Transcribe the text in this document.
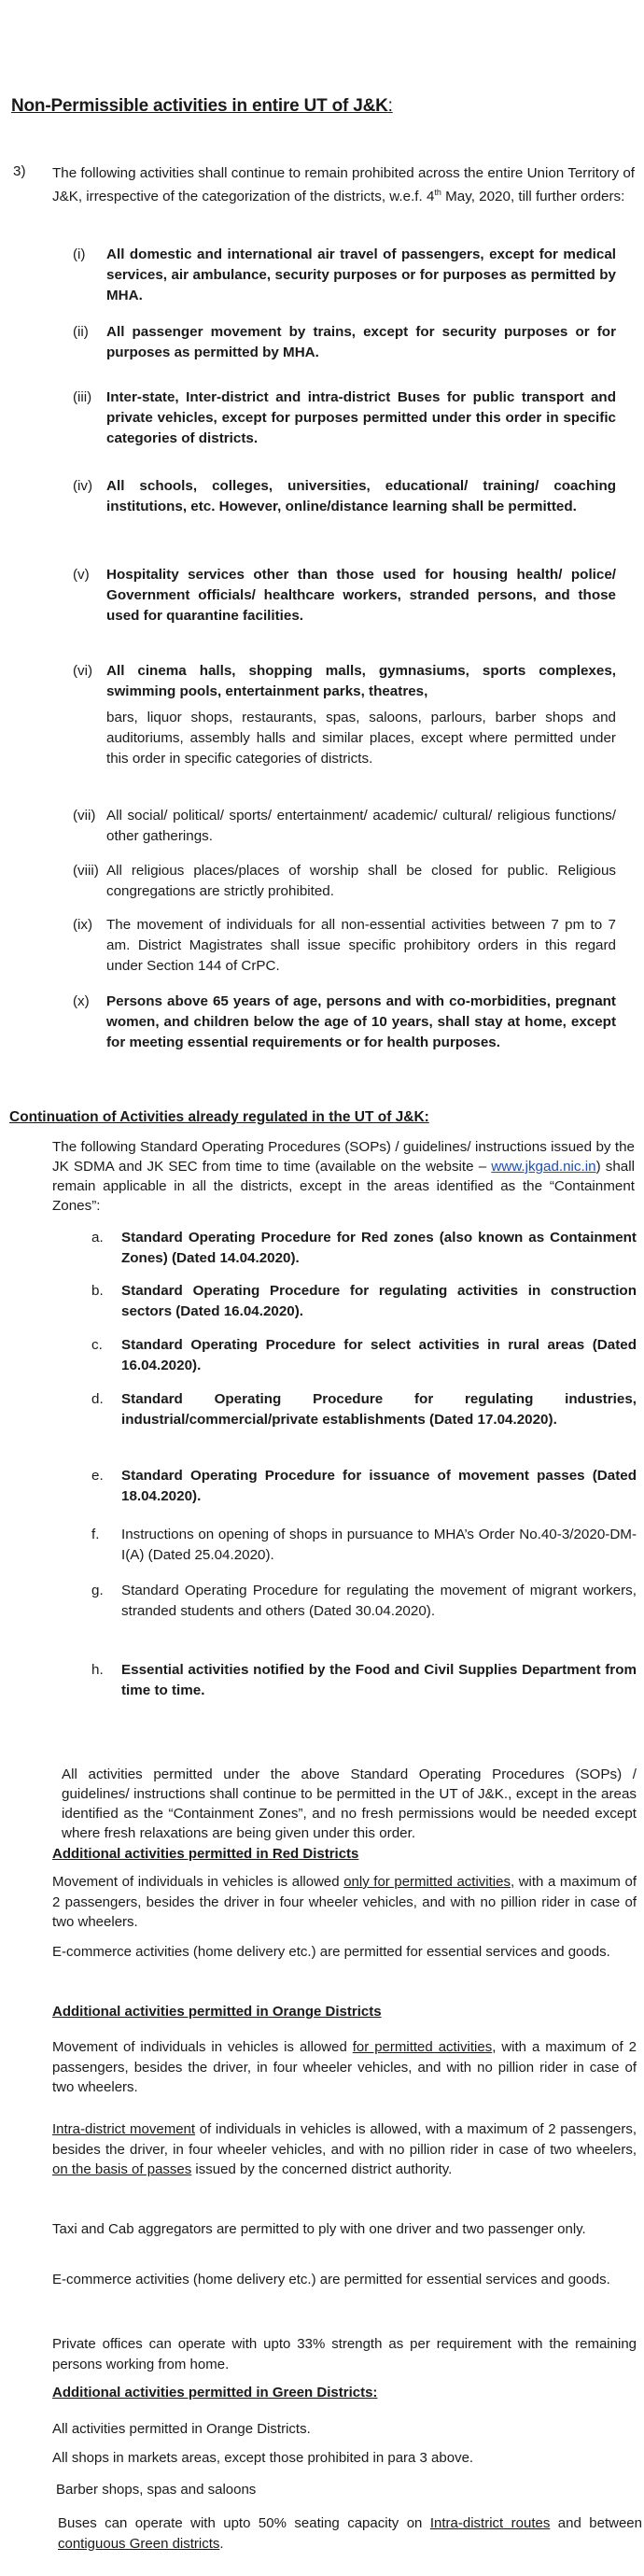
Non-Permissible activities in entire UT of J&K:
3) The following activities shall continue to remain prohibited across the entire Union Territory of J&K, irrespective of the categorization of the districts, w.e.f. 4th May, 2020, till further orders:
(i) All domestic and international air travel of passengers, except for medical services, air ambulance, security purposes or for purposes as permitted by MHA.
(ii) All passenger movement by trains, except for security purposes or for purposes as permitted by MHA.
(iii) Inter-state, Inter-district and intra-district Buses for public transport and private vehicles, except for purposes permitted under this order in specific categories of districts.
(iv) All schools, colleges, universities, educational/ training/ coaching institutions, etc. However, online/distance learning shall be permitted.
(v) Hospitality services other than those used for housing health/ police/ Government officials/ healthcare workers, stranded persons, and those used for quarantine facilities.
(vi) All cinema halls, shopping malls, gymnasiums, sports complexes, swimming pools, entertainment parks, theatres,
bars, liquor shops, restaurants, spas, saloons, parlours, barber shops and auditoriums, assembly halls and similar places, except where permitted under this order in specific categories of districts.
(vii) All social/ political/ sports/ entertainment/ academic/ cultural/ religious functions/ other gatherings.
(viii) All religious places/places of worship shall be closed for public. Religious congregations are strictly prohibited.
(ix) The movement of individuals for all non-essential activities between 7 pm to 7 am. District Magistrates shall issue specific prohibitory orders in this regard under Section 144 of CrPC.
(x) Persons above 65 years of age, persons and with co-morbidities, pregnant women, and children below the age of 10 years, shall stay at home, except for meeting essential requirements or for health purposes.
Continuation of Activities already regulated in the UT of J&K:
The following Standard Operating Procedures (SOPs) / guidelines/ instructions issued by the JK SDMA and JK SEC from time to time (available on the website – www.jkgad.nic.in) shall remain applicable in all the districts, except in the areas identified as the “Containment Zones”:
a. Standard Operating Procedure for Red zones (also known as Containment Zones) (Dated 14.04.2020).
b. Standard Operating Procedure for regulating activities in construction sectors (Dated 16.04.2020).
c. Standard Operating Procedure for select activities in rural areas (Dated 16.04.2020).
d. Standard Operating Procedure for regulating industries, industrial/commercial/private establishments (Dated 17.04.2020).
e. Standard Operating Procedure for issuance of movement passes (Dated 18.04.2020).
f. Instructions on opening of shops in pursuance to MHA’s Order No.40-3/2020-DM-I(A) (Dated 25.04.2020).
g. Standard Operating Procedure for regulating the movement of migrant workers, stranded students and others (Dated 30.04.2020).
h. Essential activities notified by the Food and Civil Supplies Department from time to time.
All activities permitted under the above Standard Operating Procedures (SOPs) / guidelines/ instructions shall continue to be permitted in the UT of J&K., except in the areas identified as the “Containment Zones”, and no fresh permissions would be needed except where fresh relaxations are being given under this order.
Additional activities permitted in Red Districts
Movement of individuals in vehicles is allowed only for permitted activities, with a maximum of 2 passengers, besides the driver in four wheeler vehicles, and with no pillion rider in case of two wheelers.
E-commerce activities (home delivery etc.) are permitted for essential services and goods.
Additional activities permitted in Orange Districts
Movement of individuals in vehicles is allowed for permitted activities, with a maximum of 2 passengers, besides the driver, in four wheeler vehicles, and with no pillion rider in case of two wheelers.
Intra-district movement of individuals in vehicles is allowed, with a maximum of 2 passengers, besides the driver, in four wheeler vehicles, and with no pillion rider in case of two wheelers, on the basis of passes issued by the concerned district authority.
Taxi and Cab aggregators are permitted to ply with one driver and two passenger only.
E-commerce activities (home delivery etc.) are permitted for essential services and goods.
Private offices can operate with upto 33% strength as per requirement with the remaining persons working from home.
Additional activities permitted in Green Districts:
All activities permitted in Orange Districts.
All shops in markets areas, except those prohibited in para 3 above.
Barber shops, spas and saloons
Buses can operate with upto 50% seating capacity on Intra-district routes and between contiguous Green districts.
